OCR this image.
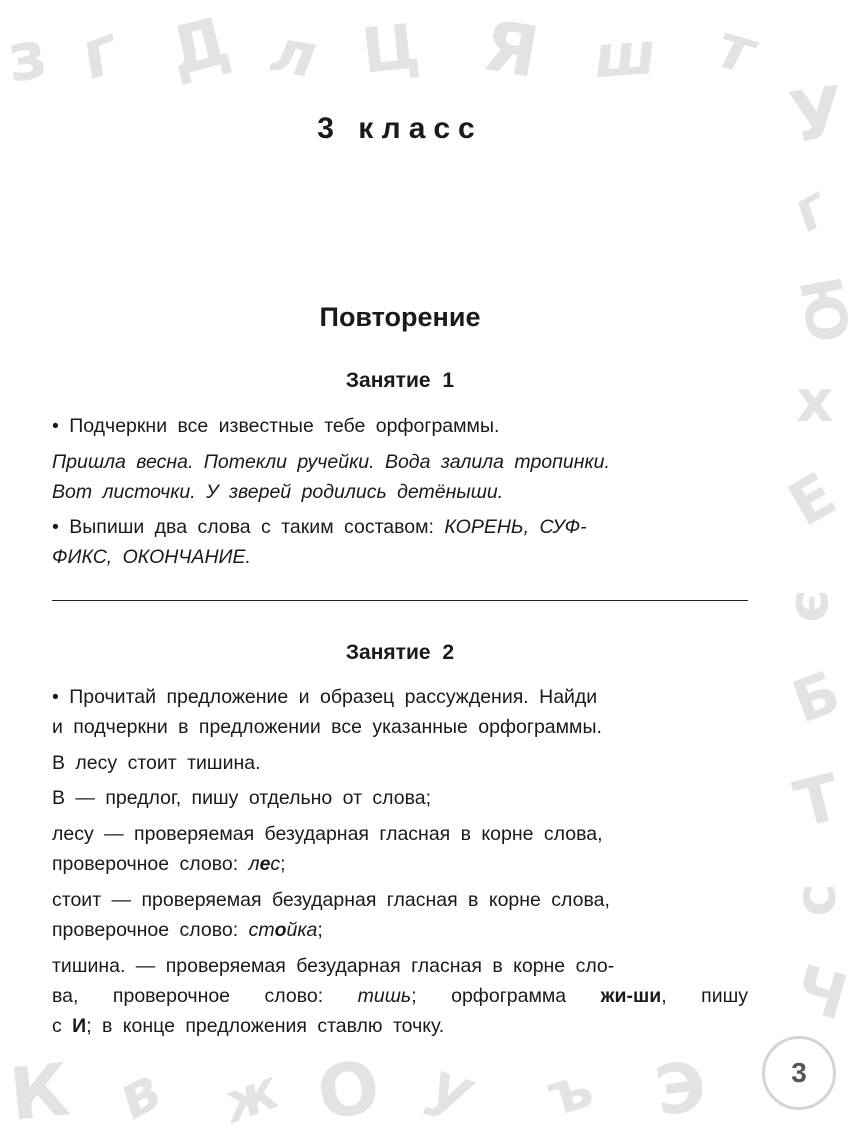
з г Д л Ц Я ш т
У
г
Ю
х
Е
э
Б
Т
с
Ч
К в ж О у ъ Э
3 класс
Повторение
Занятие 1
• Подчеркни все известные тебе орфограммы.
Пришла весна. Потекли ручейки. Вода залила тропинки.
Вот листочки. У зверей родились детёныши.
• Выпиши два слова с таким составом: КОРЕНЬ, СУФ-
ФИКС, ОКОНЧАНИЕ.
Занятие 2
• Прочитай предложение и образец рассуждения. Найди
и подчеркни в предложении все указанные орфограммы.
В лесу стоит тишина.
В — предлог, пишу отдельно от слова;
лесу — проверяемая безударная гласная в корне слова,
проверочное слово: лес;
стоит — проверяемая безударная гласная в корне слова,
проверочное слово: стойка;
тишина. — проверяемая безударная гласная в корне сло-
ва, проверочное слово: тишь; орфограмма жи-ши, пишу
с И; в конце предложения ставлю точку.
3
